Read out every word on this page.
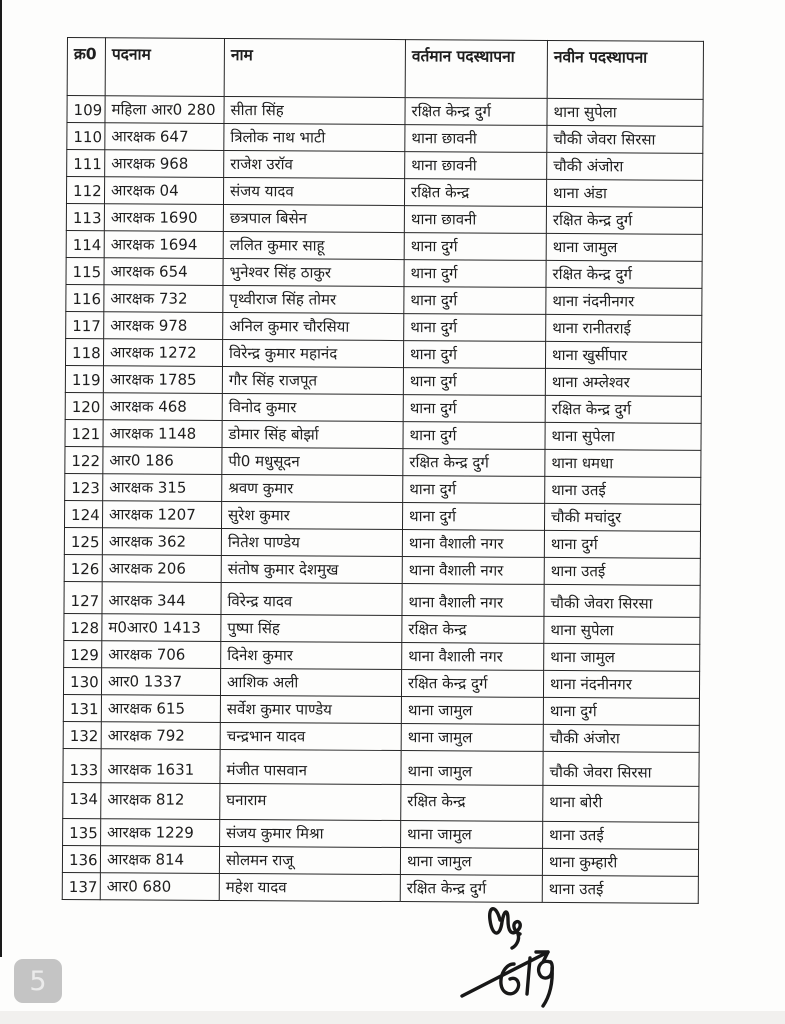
क्र0	पदनाम	नाम	वर्तमान पदस्थापना	नवीन पदस्थापना
109	महिला आर0 280	सीता सिंह	रक्षित केन्द्र दुर्ग	थाना सुपेला
110	आरक्षक 647	त्रिलोक नाथ भाटी	थाना छावनी	चौकी जेवरा सिरसा
111	आरक्षक 968	राजेश उरॉव	थाना छावनी	चौकी अंजोरा
112	आरक्षक 04	संजय यादव	रक्षित केन्द्र	थाना अंडा
113	आरक्षक 1690	छत्रपाल बिसेन	थाना छावनी	रक्षित केन्द्र दुर्ग
114	आरक्षक 1694	ललित कुमार साहू	थाना दुर्ग	थाना जामुल
115	आरक्षक 654	भुनेश्वर सिंह ठाकुर	थाना दुर्ग	रक्षित केन्द्र दुर्ग
116	आरक्षक 732	पृथ्वीराज सिंह तोमर	थाना दुर्ग	थाना नंदनीनगर
117	आरक्षक 978	अनिल कुमार चौरसिया	थाना दुर्ग	थाना रानीतराई
118	आरक्षक 1272	विरेन्द्र कुमार महानंद	थाना दुर्ग	थाना खुर्सीपार
119	आरक्षक 1785	गौर सिंह राजपूत	थाना दुर्ग	थाना अम्लेश्वर
120	आरक्षक 468	विनोद कुमार	थाना दुर्ग	रक्षित केन्द्र दुर्ग
121	आरक्षक 1148	डोमार सिंह बोर्झा	थाना दुर्ग	थाना सुपेला
122	आर0 186	पी0 मधुसूदन	रक्षित केन्द्र दुर्ग	थाना धमधा
123	आरक्षक 315	श्रवण कुमार	थाना दुर्ग	थाना उतई
124	आरक्षक 1207	सुरेश कुमार	थाना दुर्ग	चौकी मचांदुर
125	आरक्षक 362	नितेश पाण्डेय	थाना वैशाली नगर	थाना दुर्ग
126	आरक्षक 206	संतोष कुमार देशमुख	थाना वैशाली नगर	थाना उतई
127	आरक्षक 344	विरेन्द्र यादव	थाना वैशाली नगर	चौकी जेवरा सिरसा
128	म0आर0 1413	पुष्पा सिंह	रक्षित केन्द्र	थाना सुपेला
129	आरक्षक 706	दिनेश कुमार	थाना वैशाली नगर	थाना जामुल
130	आर0 1337	आशिक अली	रक्षित केन्द्र दुर्ग	थाना नंदनीनगर
131	आरक्षक 615	सर्वेश कुमार पाण्डेय	थाना जामुल	थाना दुर्ग
132	आरक्षक 792	चन्द्रभान यादव	थाना जामुल	चौकी अंजोरा
133	आरक्षक 1631	मंजीत पासवान	थाना जामुल	चौकी जेवरा सिरसा
134	आरक्षक 812	घनाराम	रक्षित केन्द्र	थाना बोरी
135	आरक्षक 1229	संजय कुमार मिश्रा	थाना जामुल	थाना उतई
136	आरक्षक 814	सोलमन राजू	थाना जामुल	थाना कुम्हारी
137	आर0 680	महेश यादव	रक्षित केन्द्र दुर्ग	थाना उतई
5
